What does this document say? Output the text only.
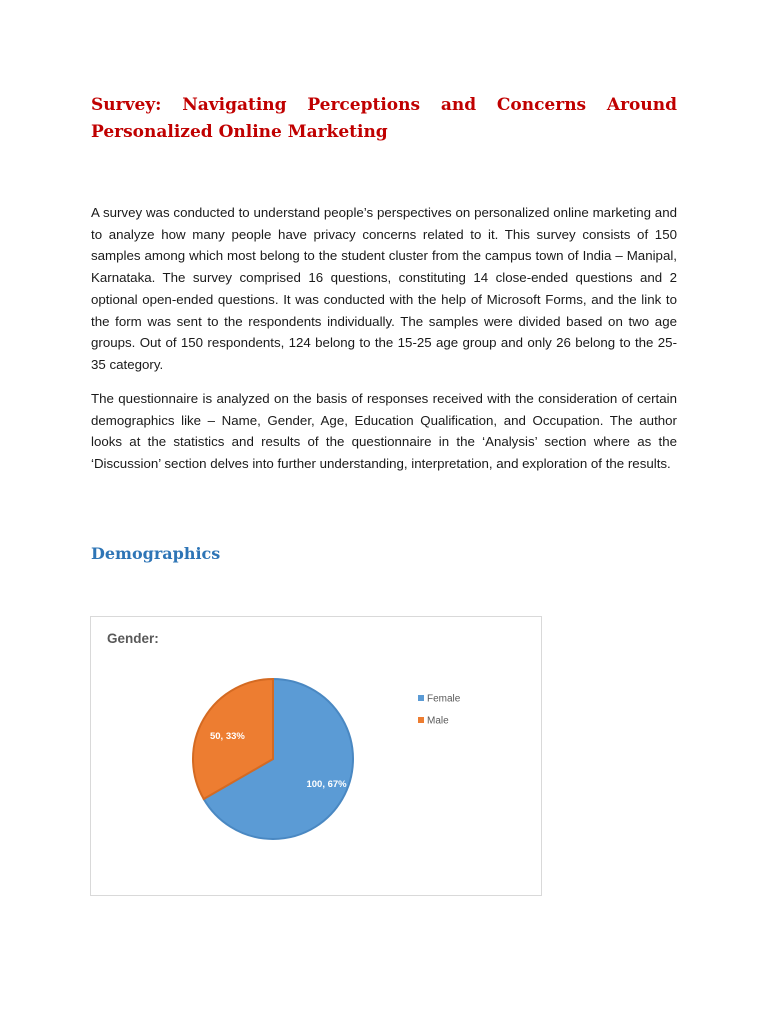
Survey: Navigating Perceptions and Concerns Around Personalized Online Marketing

A survey was conducted to understand people’s perspectives on personalized online marketing and to analyze how many people have privacy concerns related to it. This survey consists of 150 samples among which most belong to the student cluster from the campus town of India – Manipal, Karnataka. The survey comprised 16 questions, constituting 14 close-ended questions and 2 optional open-ended questions. It was conducted with the help of Microsoft Forms, and the link to the form was sent to the respondents individually. The samples were divided based on two age groups. Out of 150 respondents, 124 belong to the 15-25 age group and only 26 belong to the 25-35 category.

The questionnaire is analyzed on the basis of responses received with the consideration of certain demographics like – Name, Gender, Age, Education Qualification, and Occupation. The author looks at the statistics and results of the questionnaire in the ‘Analysis’ section where as the ‘Discussion’ section delves into further understanding, interpretation, and exploration of the results.

Demographics
Gender:
100, 67%
50, 33%
Female
Male
